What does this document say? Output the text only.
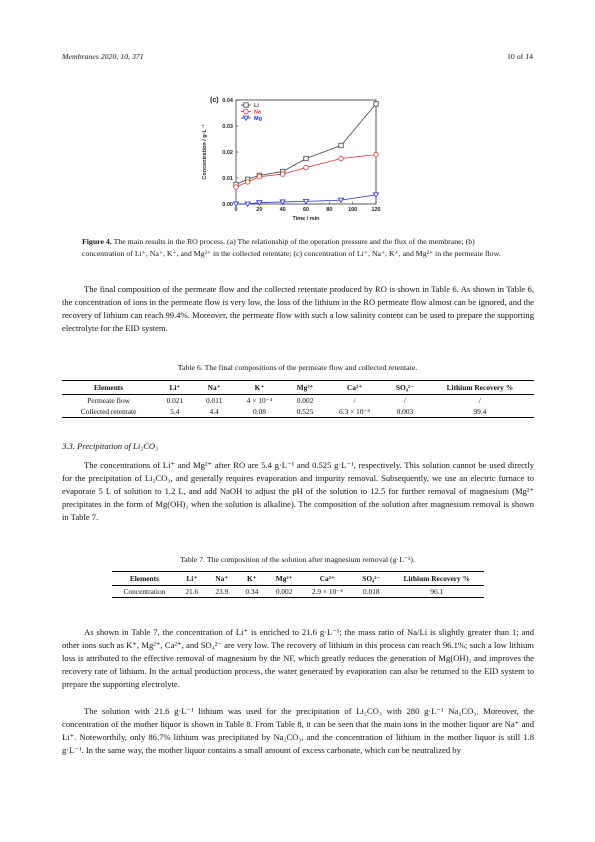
Membranes 2020, 10, 371	10 of 14
(c)
0	20	40	60	80	100	120
0.00
0.01
0.02
0.03
0.04
Time / min
Concentration / g·L⁻¹
Li
Na
Mg
Figure 4. The main results in the RO process. (a) The relationship of the operation pressure and the flux of the membrane; (b) concentration of Li⁺, Na⁺, K⁺, and Mg²⁺ in the collected retentate; (c) concentration of Li⁺, Na⁺, K⁺, and Mg²⁺ in the permeate flow.

The final composition of the permeate flow and the collected retentate produced by RO is shown in Table 6. As shown in Table 6, the concentration of ions in the permeate flow is very low, the loss of the lithium in the RO permeate flow almost can be ignored, and the recovery of lithium can reach 99.4%. Moreover, the permeate flow with such a low salinity content can be used to prepare the supporting electrolyte for the EID system.

Table 6. The final compositions of the permeate flow and collected retentate.
Elements	Li⁺	Na⁺	K⁺	Mg²⁺	Ca²⁺	SO₄²⁻	Lithium Recovery %
Permeate flow	0.021	0.011	4 × 10⁻⁴	0.002	/	/	/
Collected retentate	5.4	4.4	0.08	0.525	6.3 × 10⁻⁴	0.003	99.4
3.3. Precipitation of Li₂CO₃

The concentrations of Li⁺ and Mg²⁺ after RO are 5.4 g·L⁻¹ and 0.525 g·L⁻¹, respectively. This solution cannot be used directly for the precipitation of Li₂CO₃, and generally requires evaporation and impurity removal. Subsequently, we use an electric furnace to evaporate 5 L of solution to 1.2 L, and add NaOH to adjust the pH of the solution to 12.5 for further removal of magnesium (Mg²⁺ precipitates in the form of Mg(OH)₂ when the solution is alkaline). The composition of the solution after magnesium removal is shown in Table 7.

Table 7. The composition of the solution after magnesium removal (g·L⁻¹).
Elements	Li⁺	Na⁺	K⁺	Mg²⁺	Ca²⁺	SO₄²⁻	Lithium Recovery %
Concentration	21.6	23.9	0.34	0.002	2.9 × 10⁻⁴	0.018	96.1

As shown in Table 7, the concentration of Li⁺ is enriched to 21.6 g·L⁻¹; the mass ratio of Na/Li is slightly greater than 1; and other ions such as K⁺, Mg²⁺, Ca²⁺, and SO₄²⁻ are very low. The recovery of lithium in this process can reach 96.1%; such a low lithium loss is attributed to the effective removal of magnesium by the NF, which greatly reduces the generation of Mg(OH)₂ and improves the recovery rate of lithium. In the actual production process, the water generated by evaporation can also be returned to the EID system to prepare the supporting electrolyte.

The solution with 21.6 g·L⁻¹ lithium was used for the precipitation of Li₂CO₃ with 280 g·L⁻¹ Na₂CO₃. Moreover, the concentration of the mother liquor is shown in Table 8. From Table 8, it can be seen that the main ions in the mother liquor are Na⁺ and Li⁺. Noteworthily, only 86.7% lithium was precipitated by Na₂CO₃, and the concentration of lithium in the mother liquor is still 1.8 g·L⁻¹. In the same way, the mother liquor contains a small amount of excess carbonate, which can be neutralized by
